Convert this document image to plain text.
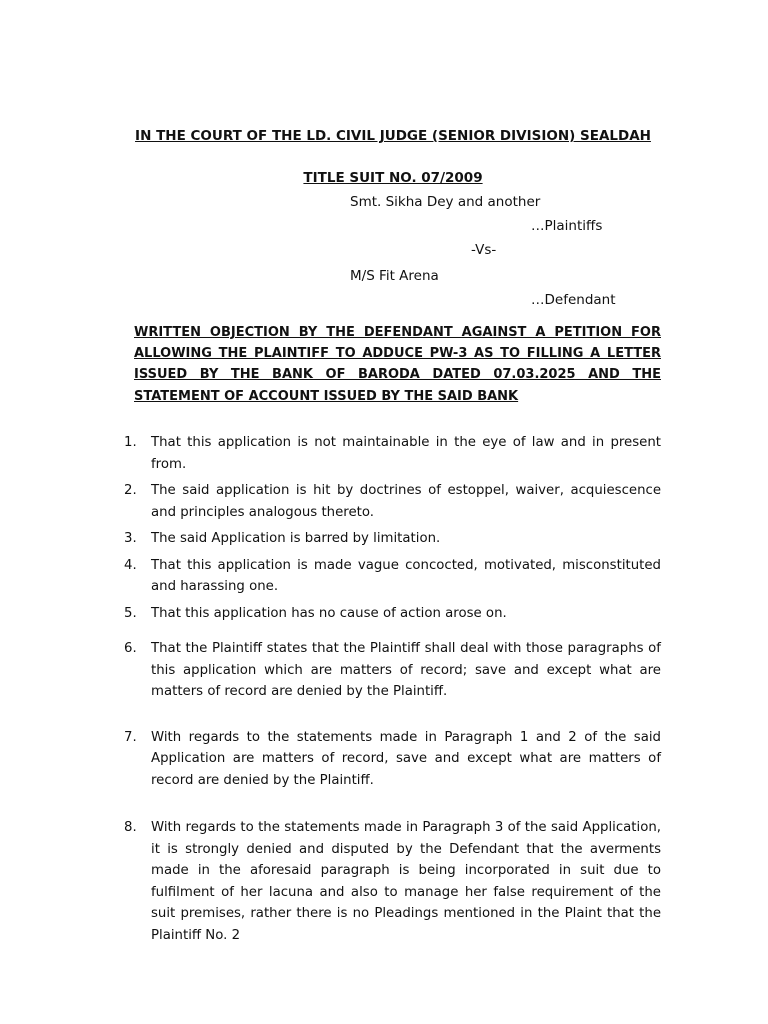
IN THE COURT OF THE LD. CIVIL JUDGE (SENIOR DIVISION) SEALDAH
TITLE SUIT NO. 07/2009
Smt. Sikha Dey and another
…Plaintiffs
-Vs-
M/S Fit Arena
…Defendant
WRITTEN OBJECTION BY THE DEFENDANT AGAINST A PETITION FOR ALLOWING THE PLAINTIFF TO ADDUCE PW-3 AS TO FILLING A LETTER ISSUED BY THE BANK OF BARODA DATED 07.03.2025 AND THE STATEMENT OF ACCOUNT ISSUED BY THE SAID BANK
1. That this application is not maintainable in the eye of law and in present from.
2. The said application is hit by doctrines of estoppel, waiver, acquiescence and principles analogous thereto.
3. The said Application is barred by limitation.
4. That this application is made vague concocted, motivated, misconstituted and harassing one.
5. That this application has no cause of action arose on.
6. That the Plaintiff states that the Plaintiff shall deal with those paragraphs of this application which are matters of record; save and except what are matters of record are denied by the Plaintiff.
7. With regards to the statements made in Paragraph 1 and 2 of the said Application are matters of record, save and except what are matters of record are denied by the Plaintiff.
8. With regards to the statements made in Paragraph 3 of the said Application, it is strongly denied and disputed by the Defendant that the averments made in the aforesaid paragraph is being incorporated in suit due to fulfilment of her lacuna and also to manage her false requirement of the suit premises, rather there is no Pleadings mentioned in the Plaint that the Plaintiff No. 2
